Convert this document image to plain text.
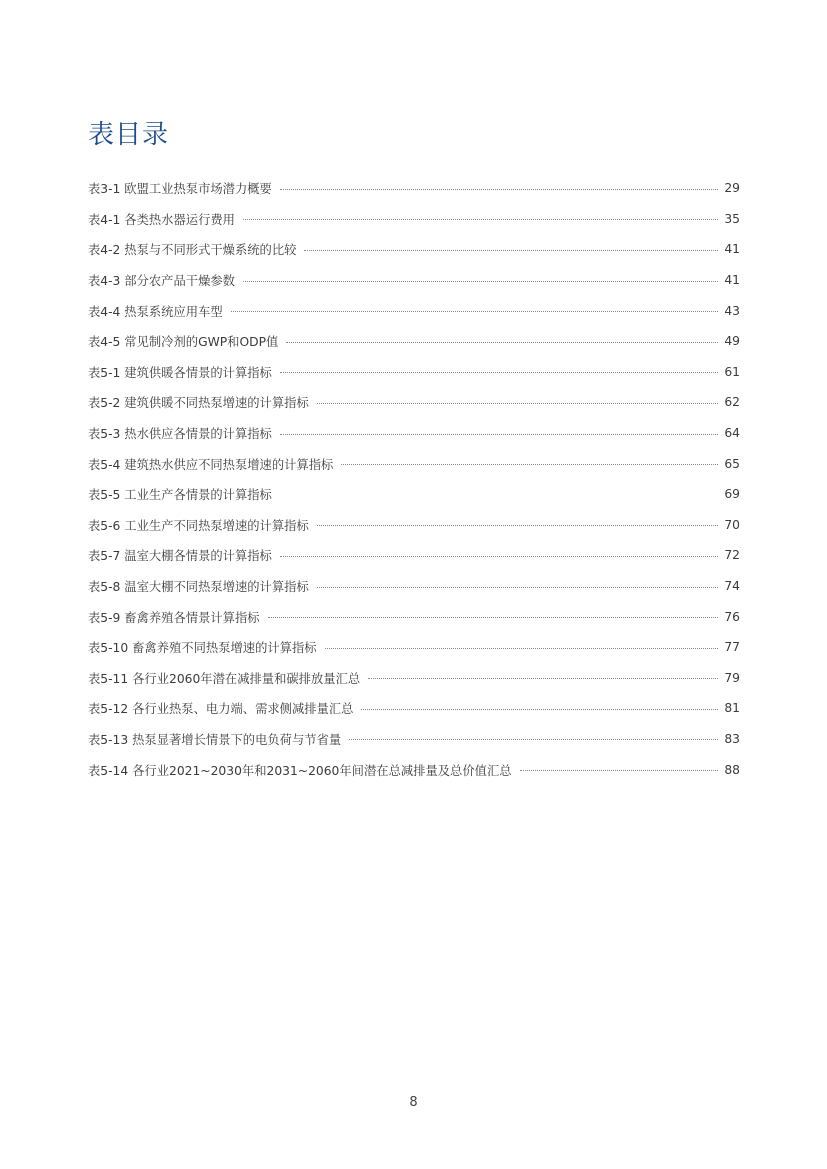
表目录
表3-1 欧盟工业热泵市场潜力概要	29
表4-1 各类热水器运行费用	35
表4-2 热泵与不同形式干燥系统的比较	41
表4-3 部分农产品干燥参数	41
表4-4 热泵系统应用车型	43
表4-5 常见制冷剂的GWP和ODP值	49
表5-1 建筑供暖各情景的计算指标	61
表5-2 建筑供暖不同热泵增速的计算指标	62
表5-3 热水供应各情景的计算指标	64
表5-4 建筑热水供应不同热泵增速的计算指标	65
表5-5 工业生产各情景的计算指标	69
表5-6 工业生产不同热泵增速的计算指标	70
表5-7 温室大棚各情景的计算指标	72
表5-8 温室大棚不同热泵增速的计算指标	74
表5-9 畜禽养殖各情景计算指标	76
表5-10 畜禽养殖不同热泵增速的计算指标	77
表5-11 各行业2060年潜在减排量和碳排放量汇总	79
表5-12 各行业热泵、电力端、需求侧减排量汇总	81
表5-13 热泵显著增长情景下的电负荷与节省量	83
表5-14 各行业2021~2030年和2031~2060年间潜在总减排量及总价值汇总	88
8
